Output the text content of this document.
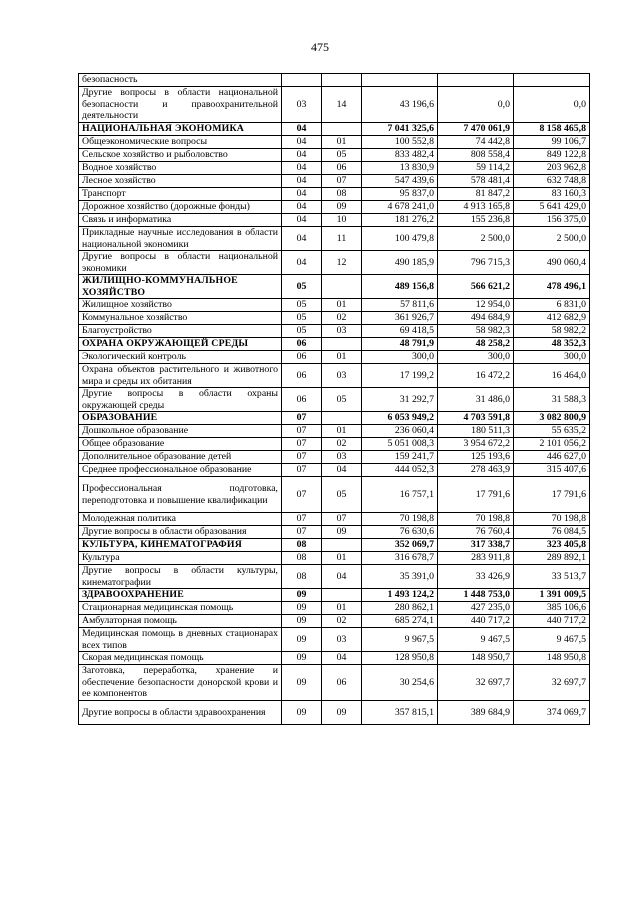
475
безопасность					
Другие вопросы в области национальной безопасности и правоохранительной деятельности	03	14	43 196,6	0,0	0,0
НАЦИОНАЛЬНАЯ ЭКОНОМИКА	04		7 041 325,6	7 470 061,9	8 158 465,8
Общеэкономические вопросы	04	01	100 552,8	74 442,8	99 106,7
Сельское хозяйство и рыболовство	04	05	833 482,4	808 558,4	849 122,8
Водное хозяйство	04	06	13 830,9	59 114,2	203 962,8
Лесное хозяйство	04	07	547 439,6	578 481,4	632 748,8
Транспорт	04	08	95 837,0	81 847,2	83 160,3
Дорожное хозяйство (дорожные фонды)	04	09	4 678 241,0	4 913 165,8	5 641 429,0
Связь и информатика	04	10	181 276,2	155 236,8	156 375,0
Прикладные научные исследования в области национальной экономики	04	11	100 479,8	2 500,0	2 500,0
Другие вопросы в области национальной экономики	04	12	490 185,9	796 715,3	490 060,4
ЖИЛИЩНО-КОММУНАЛЬНОЕ ХОЗЯЙСТВО	05		489 156,8	566 621,2	478 496,1
Жилищное хозяйство	05	01	57 811,6	12 954,0	6 831,0
Коммунальное хозяйство	05	02	361 926,7	494 684,9	412 682,9
Благоустройство	05	03	69 418,5	58 982,3	58 982,2
ОХРАНА ОКРУЖАЮЩЕЙ СРЕДЫ	06		48 791,9	48 258,2	48 352,3
Экологический контроль	06	01	300,0	300,0	300,0
Охрана объектов растительного и животного мира и среды их обитания	06	03	17 199,2	16 472,2	16 464,0
Другие вопросы в области охраны окружающей среды	06	05	31 292,7	31 486,0	31 588,3
ОБРАЗОВАНИЕ	07		6 053 949,2	4 703 591,8	3 082 800,9
Дошкольное образование	07	01	236 060,4	180 511,3	55 635,2
Общее образование	07	02	5 051 008,3	3 954 672,2	2 101 056,2
Дополнительное образование детей	07	03	159 241,7	125 193,6	446 627,0
Среднее профессиональное образование	07	04	444 052,3	278 463,9	315 407,6
Профессиональная подготовка, переподготовка и повышение квалификации	07	05	16 757,1	17 791,6	17 791,6
Молодежная политика	07	07	70 198,8	70 198,8	70 198,8
Другие вопросы в области образования	07	09	76 630,6	76 760,4	76 084,5
КУЛЬТУРА, КИНЕМАТОГРАФИЯ	08		352 069,7	317 338,7	323 405,8
Культура	08	01	316 678,7	283 911,8	289 892,1
Другие вопросы в области культуры, кинематографии	08	04	35 391,0	33 426,9	33 513,7
ЗДРАВООХРАНЕНИЕ	09		1 493 124,2	1 448 753,0	1 391 009,5
Стационарная медицинская помощь	09	01	280 862,1	427 235,0	385 106,6
Амбулаторная помощь	09	02	685 274,1	440 717,2	440 717,2
Медицинская помощь в дневных стационарах всех типов	09	03	9 967,5	9 467,5	9 467,5
Скорая медицинская помощь	09	04	128 950,8	148 950,7	148 950,8
Заготовка, переработка, хранение и обеспечение безопасности донорской крови и ее компонентов	09	06	30 254,6	32 697,7	32 697,7
Другие вопросы в области здравоохранения	09	09	357 815,1	389 684,9	374 069,7
